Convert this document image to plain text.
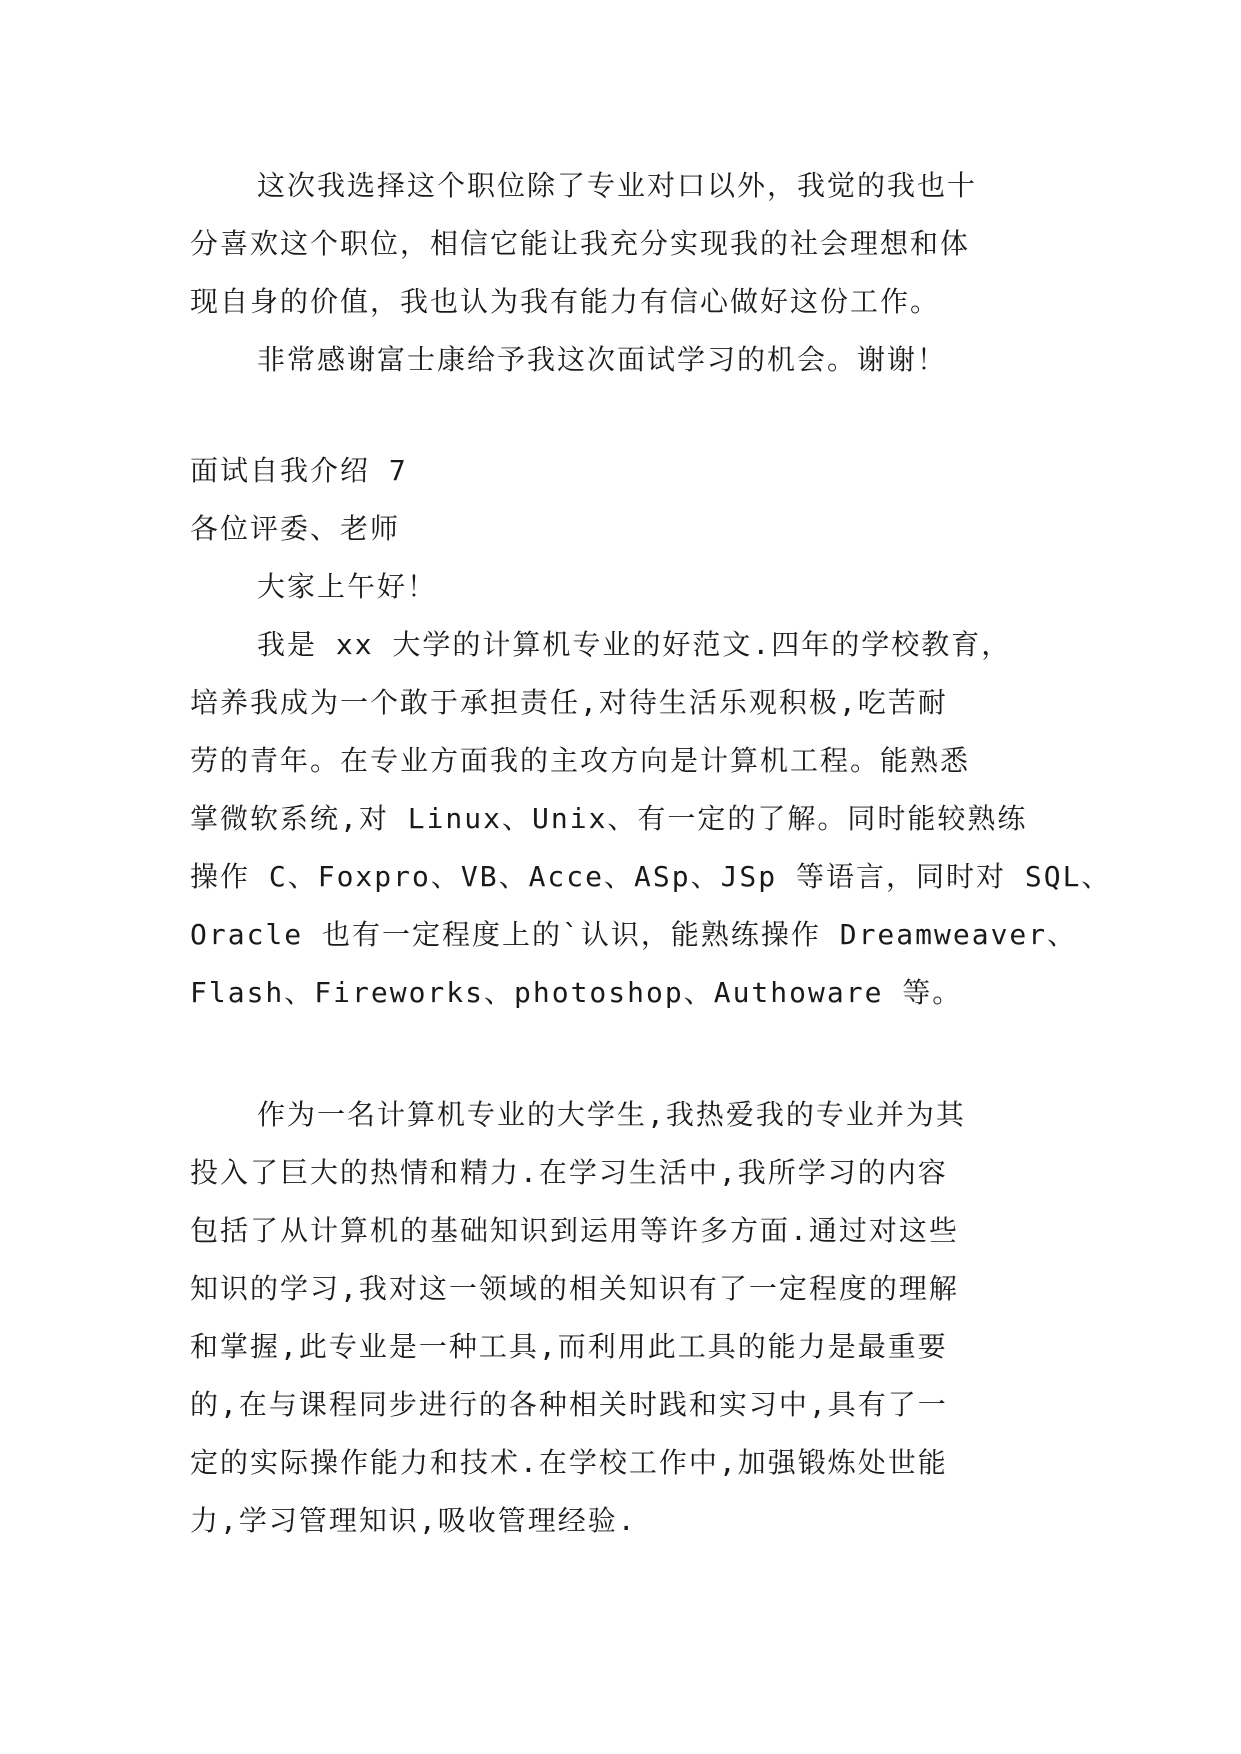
这次我选择这个职位除了专业对口以外，我觉的我也十
分喜欢这个职位，相信它能让我充分实现我的社会理想和体
现自身的价值，我也认为我有能力有信心做好这份工作。
非常感谢富士康给予我这次面试学习的机会。谢谢！
面试自我介绍 7
各位评委、老师
大家上午好！
我是 xx 大学的计算机专业的好范文.四年的学校教育，
培养我成为一个敢于承担责任,对待生活乐观积极,吃苦耐
劳的青年。在专业方面我的主攻方向是计算机工程。能熟悉
掌微软系统,对 Linux、Unix、有一定的了解。同时能较熟练
操作 C、Foxpro、VB、Acce、ASp、JSp 等语言，同时对 SQL、
Oracle 也有一定程度上的`认识，能熟练操作 Dreamweaver、
Flash、Fireworks、photoshop、Authoware 等。
作为一名计算机专业的大学生,我热爱我的专业并为其
投入了巨大的热情和精力.在学习生活中,我所学习的内容
包括了从计算机的基础知识到运用等许多方面.通过对这些
知识的学习,我对这一领域的相关知识有了一定程度的理解
和掌握,此专业是一种工具,而利用此工具的能力是最重要
的,在与课程同步进行的各种相关时践和实习中,具有了一
定的实际操作能力和技术.在学校工作中,加强锻炼处世能
力,学习管理知识,吸收管理经验.
